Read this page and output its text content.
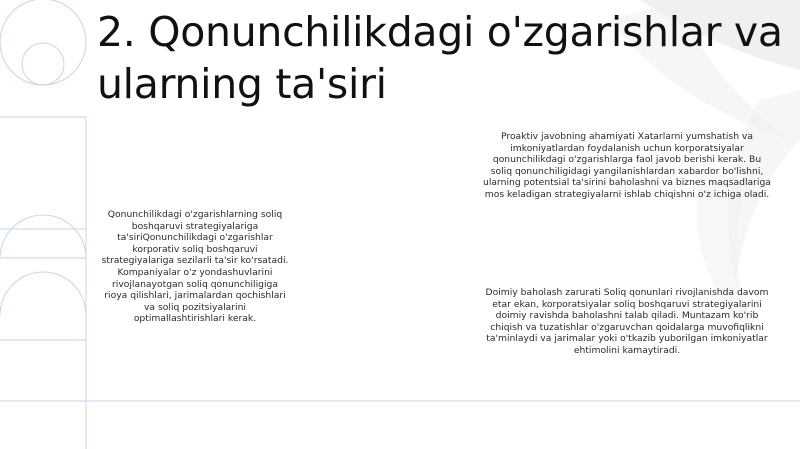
2. Qonunchilikdagi o'zgarishlar va ularning ta'siri

Qonunchilikdagi o'zgarishlarning soliq boshqaruvi strategiyalariga ta'siriQonunchilikdagi o'zgarishlar korporativ soliq boshqaruvi strategiyalariga sezilarli ta'sir ko'rsatadi. Kompaniyalar o'z yondashuvlarini rivojlanayotgan soliq qonunchiligiga rioya qilishlari, jarimalardan qochishlari va soliq pozitsiyalarini optimallashtirishlari kerak.

Proaktiv javobning ahamiyati Xatarlarni yumshatish va imkoniyatlardan foydalanish uchun korporatsiyalar qonunchilikdagi o'zgarishlarga faol javob berishi kerak. Bu soliq qonunchiligidagi yangilanishlardan xabardor bo'lishni, ularning potentsial ta'sirini baholashni va biznes maqsadlariga mos keladigan strategiyalarni ishlab chiqishni o'z ichiga oladi.

Doimiy baholash zarurati Soliq qonunlari rivojlanishda davom etar ekan, korporatsiyalar soliq boshqaruvi strategiyalarini doimiy ravishda baholashni talab qiladi. Muntazam ko'rib chiqish va tuzatishlar o'zgaruvchan qoidalarga muvofiqlikni ta'minlaydi va jarimalar yoki o'tkazib yuborilgan imkoniyatlar ehtimolini kamaytiradi.
